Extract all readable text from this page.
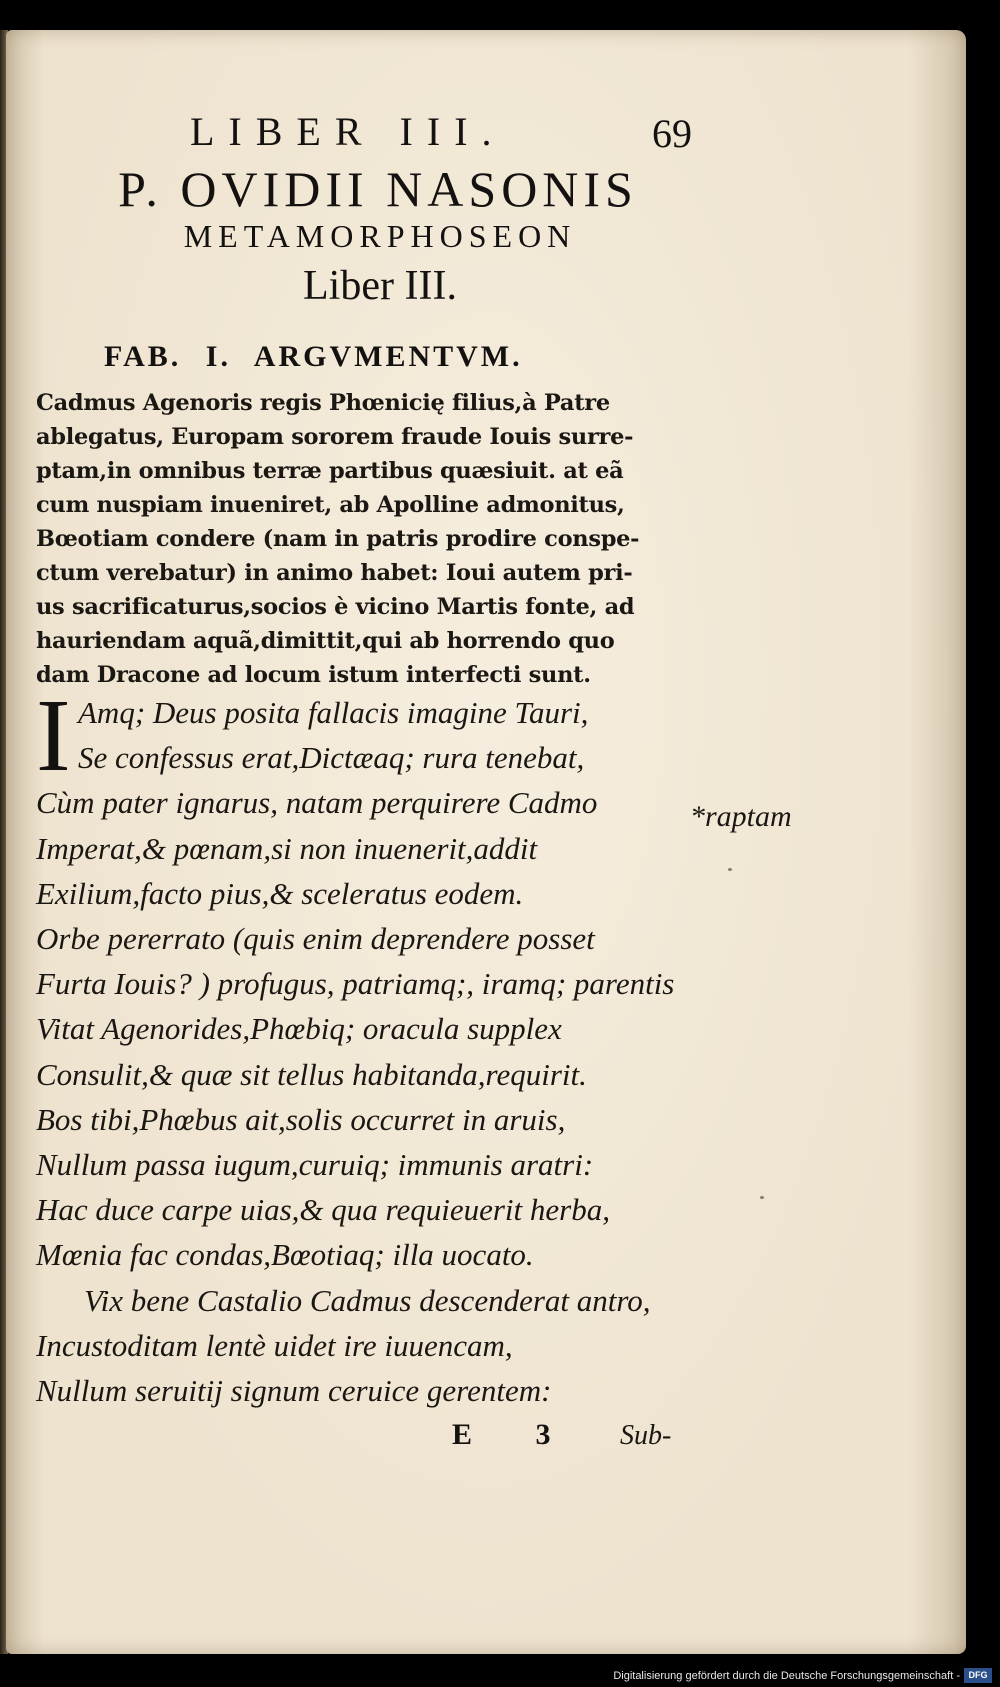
LIBER III.	69
P. OVIDII NASONIS
METAMORPHOSEON
Liber III.
FAB. I. ARGVMENTVM.
Cadmus Agenoris regis Phœnicię filius,à Patre
ablegatus, Europam sororem fraude Iouis surre-
ptam,in omnibus terræ partibus quæsiuit. at eã
cum nuspiam inueniret, ab Apolline admonitus,
Bœotiam condere (nam in patris prodire conspe-
ctum verebatur) in animo habet: Ioui autem pri-
us sacrificaturus,socios è vicino Martis fonte, ad
hauriendam aquã,dimittit,qui ab horrendo quo
dam Dracone ad locum istum interfecti sunt.
I Amq; Deus posita fallacis imagine Tauri,
Se confessus erat,Dictæaq; rura tenebat,
Cùm pater ignarus, natam perquirere Cadmo
Imperat,& pœnam,si non inuenerit,addit
Exilium,facto pius,& sceleratus eodem.
Orbe pererrato (quis enim deprendere posset
Furta Iouis? ) profugus, patriamq;, iramq; parentis
Vitat Agenorides,Phœbiq; oracula supplex
Consulit,& quæ sit tellus habitanda,requirit.
Bos tibi,Phœbus ait,solis occurret in aruis,
Nullum passa iugum,curuiq; immunis aratri:
Hac duce carpe uias,& qua requieuerit herba,
Mœnia fac condas,Bœotiaq; illa uocato.
Vix bene Castalio Cadmus descenderat antro,
Incustoditam lentè uidet ire iuuencam,
Nullum seruitij signum ceruice gerentem:
*raptam
E 3 Sub-
Digitalisierung gefördert durch die Deutsche Forschungsgemeinschaft - DFG
